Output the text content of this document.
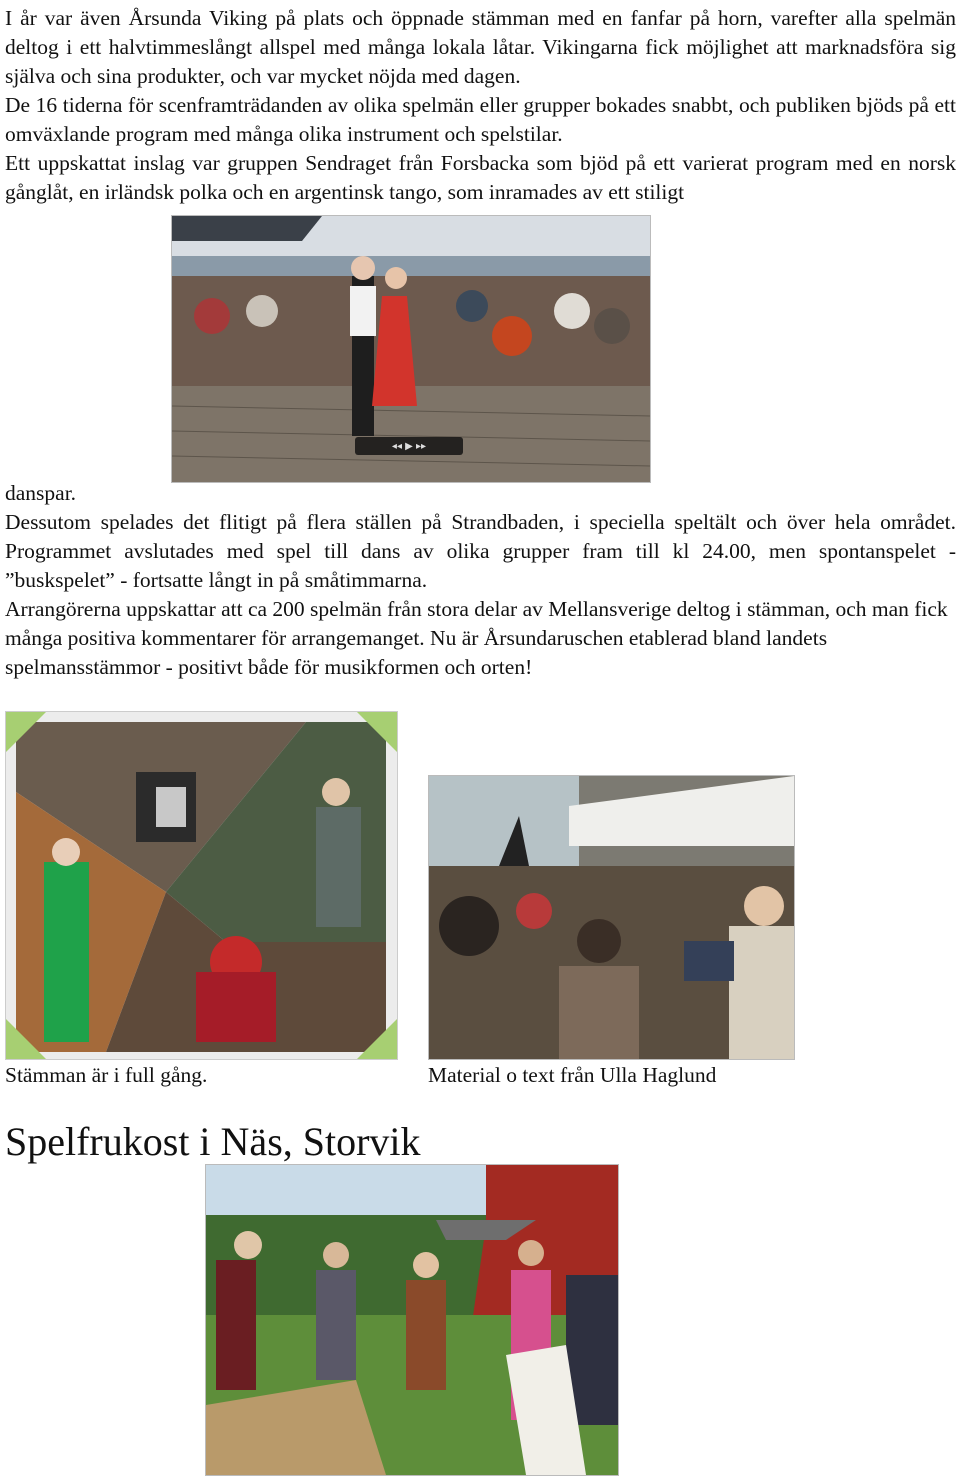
I år var även Årsunda Viking på plats och öppnade stämman med en fanfar på horn, varefter alla spelmän deltog i ett halvtimmeslångt allspel med många lokala låtar. Vikingarna fick möjlighet att marknadsföra sig själva och sina produkter, och var mycket nöjda med dagen.

De 16 tiderna för scenframträdanden av olika spelmän eller grupper bokades snabbt, och publiken bjöds på ett omväxlande program med många olika instrument och spelstilar.

Ett uppskattat inslag var gruppen Sendraget från Forsbacka som bjöd på ett varierat program med en norsk gånglåt, en irländsk polka och en argentinsk tango, som inramades av ett stiligt

◂◂ ▶ ▸▸

danspar.

Dessutom spelades det flitigt på flera ställen på Strandbaden, i speciella speltält och över hela området. Programmet avslutades med spel till dans av olika grupper fram till kl 24.00, men spontanspelet - ”buskspelet” - fortsatte långt in på småtimmarna.

Arrangörerna uppskattar att ca 200 spelmän från stora delar av Mellansverige deltog i stämman, och man fick många positiva kommentarer för arrangemanget. Nu är Årsundaruschen etablerad bland landets spelmansstämmor - positivt både för musikformen och orten!

Stämman är i full gång.	Material o text från Ulla Haglund

Spelfrukost i Näs, Storvik
